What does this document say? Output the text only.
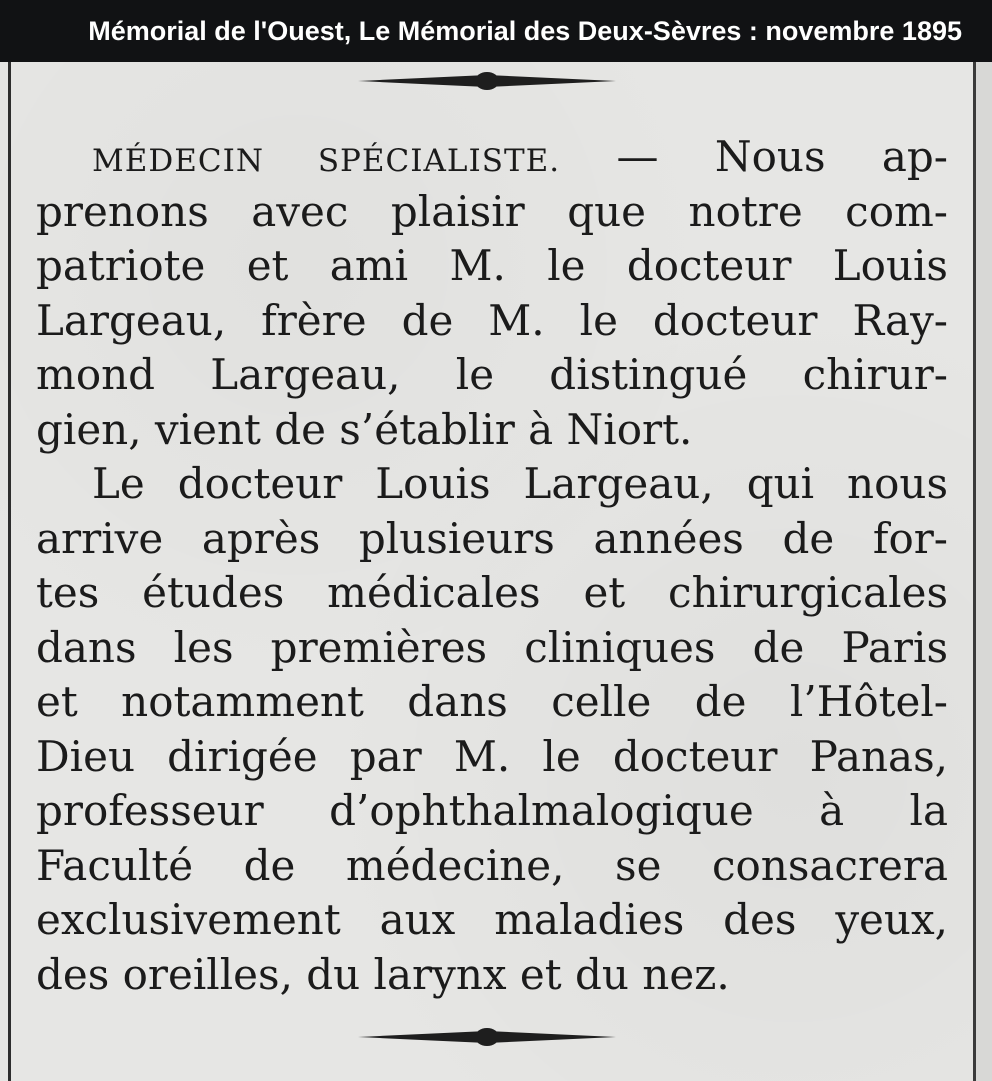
Mémorial de l'Ouest, Le Mémorial des Deux-Sèvres : novembre 1895
MÉDECIN SPÉCIALISTE. — Nous ap-
prenons avec plaisir que notre com-
patriote et ami M. le docteur Louis
Largeau, frère de M. le docteur Ray-
mond Largeau, le distingué chirur-
gien, vient de s’établir à Niort.
Le docteur Louis Largeau, qui nous
arrive après plusieurs années de for-
tes études médicales et chirurgicales
dans les premières cliniques de Paris
et notamment dans celle de l’Hôtel-
Dieu dirigée par M. le docteur Panas,
professeur d’ophthalmalogique à la
Faculté de médecine, se consacrera
exclusivement aux maladies des yeux,
des oreilles, du larynx et du nez.
